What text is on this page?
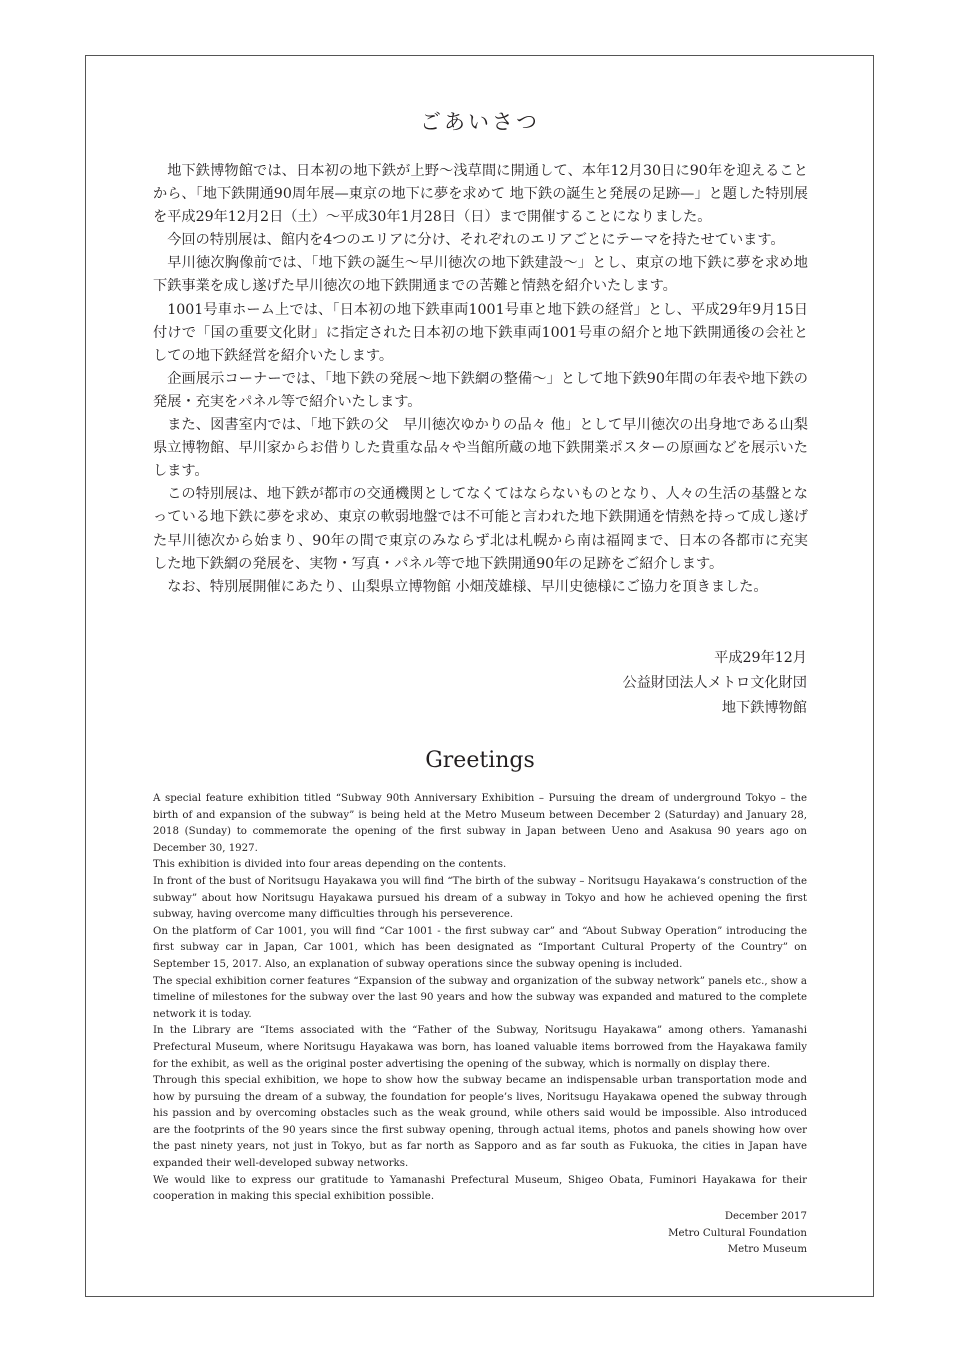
ごあいさつ

地下鉄博物館では、日本初の地下鉄が上野〜浅草間に開通して、本年12月30日に90年を迎えることから、「地下鉄開通90周年展—東京の地下に夢を求めて 地下鉄の誕生と発展の足跡—」と題した特別展を平成29年12月2日（土）〜平成30年1月28日（日）まで開催することになりました。

今回の特別展は、館内を4つのエリアに分け、それぞれのエリアごとにテーマを持たせています。

早川徳次胸像前では、「地下鉄の誕生〜早川徳次の地下鉄建設〜」とし、東京の地下鉄に夢を求め地下鉄事業を成し遂げた早川徳次の地下鉄開通までの苦難と情熱を紹介いたします。

1001号車ホーム上では、「日本初の地下鉄車両1001号車と地下鉄の経営」とし、平成29年9月15日付けで「国の重要文化財」に指定された日本初の地下鉄車両1001号車の紹介と地下鉄開通後の会社としての地下鉄経営を紹介いたします。

企画展示コーナーでは、「地下鉄の発展〜地下鉄網の整備〜」として地下鉄90年間の年表や地下鉄の発展・充実をパネル等で紹介いたします。

また、図書室内では、「地下鉄の父　早川徳次ゆかりの品々 他」として早川徳次の出身地である山梨県立博物館、早川家からお借りした貴重な品々や当館所蔵の地下鉄開業ポスターの原画などを展示いたします。

この特別展は、地下鉄が都市の交通機関としてなくてはならないものとなり、人々の生活の基盤となっている地下鉄に夢を求め、東京の軟弱地盤では不可能と言われた地下鉄開通を情熱を持って成し遂げた早川徳次から始まり、90年の間で東京のみならず北は札幌から南は福岡まで、日本の各都市に充実した地下鉄網の発展を、実物・写真・パネル等で地下鉄開通90年の足跡をご紹介します。

なお、特別展開催にあたり、山梨県立博物館 小畑茂雄様、早川史徳様にご協力を頂きました。

平成29年12月
公益財団法人メトロ文化財団
地下鉄博物館
Greetings

A special feature exhibition titled “Subway 90th Anniversary Exhibition – Pursuing the dream of underground Tokyo – the birth of and expansion of the subway” is being held at the Metro Museum between December 2 (Saturday) and January 28, 2018 (Sunday) to commemorate the opening of the first subway in Japan between Ueno and Asakusa 90 years ago on December 30, 1927.

This exhibition is divided into four areas depending on the contents.

In front of the bust of Noritsugu Hayakawa you will find “The birth of the subway – Noritsugu Hayakawa’s construction of the subway” about how Noritsugu Hayakawa pursued his dream of a subway in Tokyo and how he achieved opening the first subway, having overcome many difficulties through his perseverence.

On the platform of Car 1001, you will find “Car 1001 - the first subway car” and “About Subway Operation” introducing the first subway car in Japan, Car 1001, which has been designated as “Important Cultural Property of the Country” on September 15, 2017. Also, an explanation of subway operations since the subway opening is included.

The special exhibition corner features “Expansion of the subway and organization of the subway network” panels etc., show a timeline of milestones for the subway over the last 90 years and how the subway was expanded and matured to the complete network it is today.

In the Library are “Items associated with the “Father of the Subway, Noritsugu Hayakawa” among others. Yamanashi Prefectural Museum, where Noritsugu Hayakawa was born, has loaned valuable items borrowed from the Hayakawa family for the exhibit, as well as the original poster advertising the opening of the subway, which is normally on display there.

Through this special exhibition, we hope to show how the subway became an indispensable urban transportation mode and how by pursuing the dream of a subway, the foundation for people’s lives, Noritsugu Hayakawa opened the subway through his passion and by overcoming obstacles such as the weak ground, while others said would be impossible. Also introduced are the footprints of the 90 years since the first subway opening, through actual items, photos and panels showing how over the past ninety years, not just in Tokyo, but as far north as Sapporo and as far south as Fukuoka, the cities in Japan have expanded their well-developed subway networks.

We would like to express our gratitude to Yamanashi Prefectural Museum, Shigeo Obata, Fuminori Hayakawa for their cooperation in making this special exhibition possible.

December 2017
Metro Cultural Foundation
Metro Museum
